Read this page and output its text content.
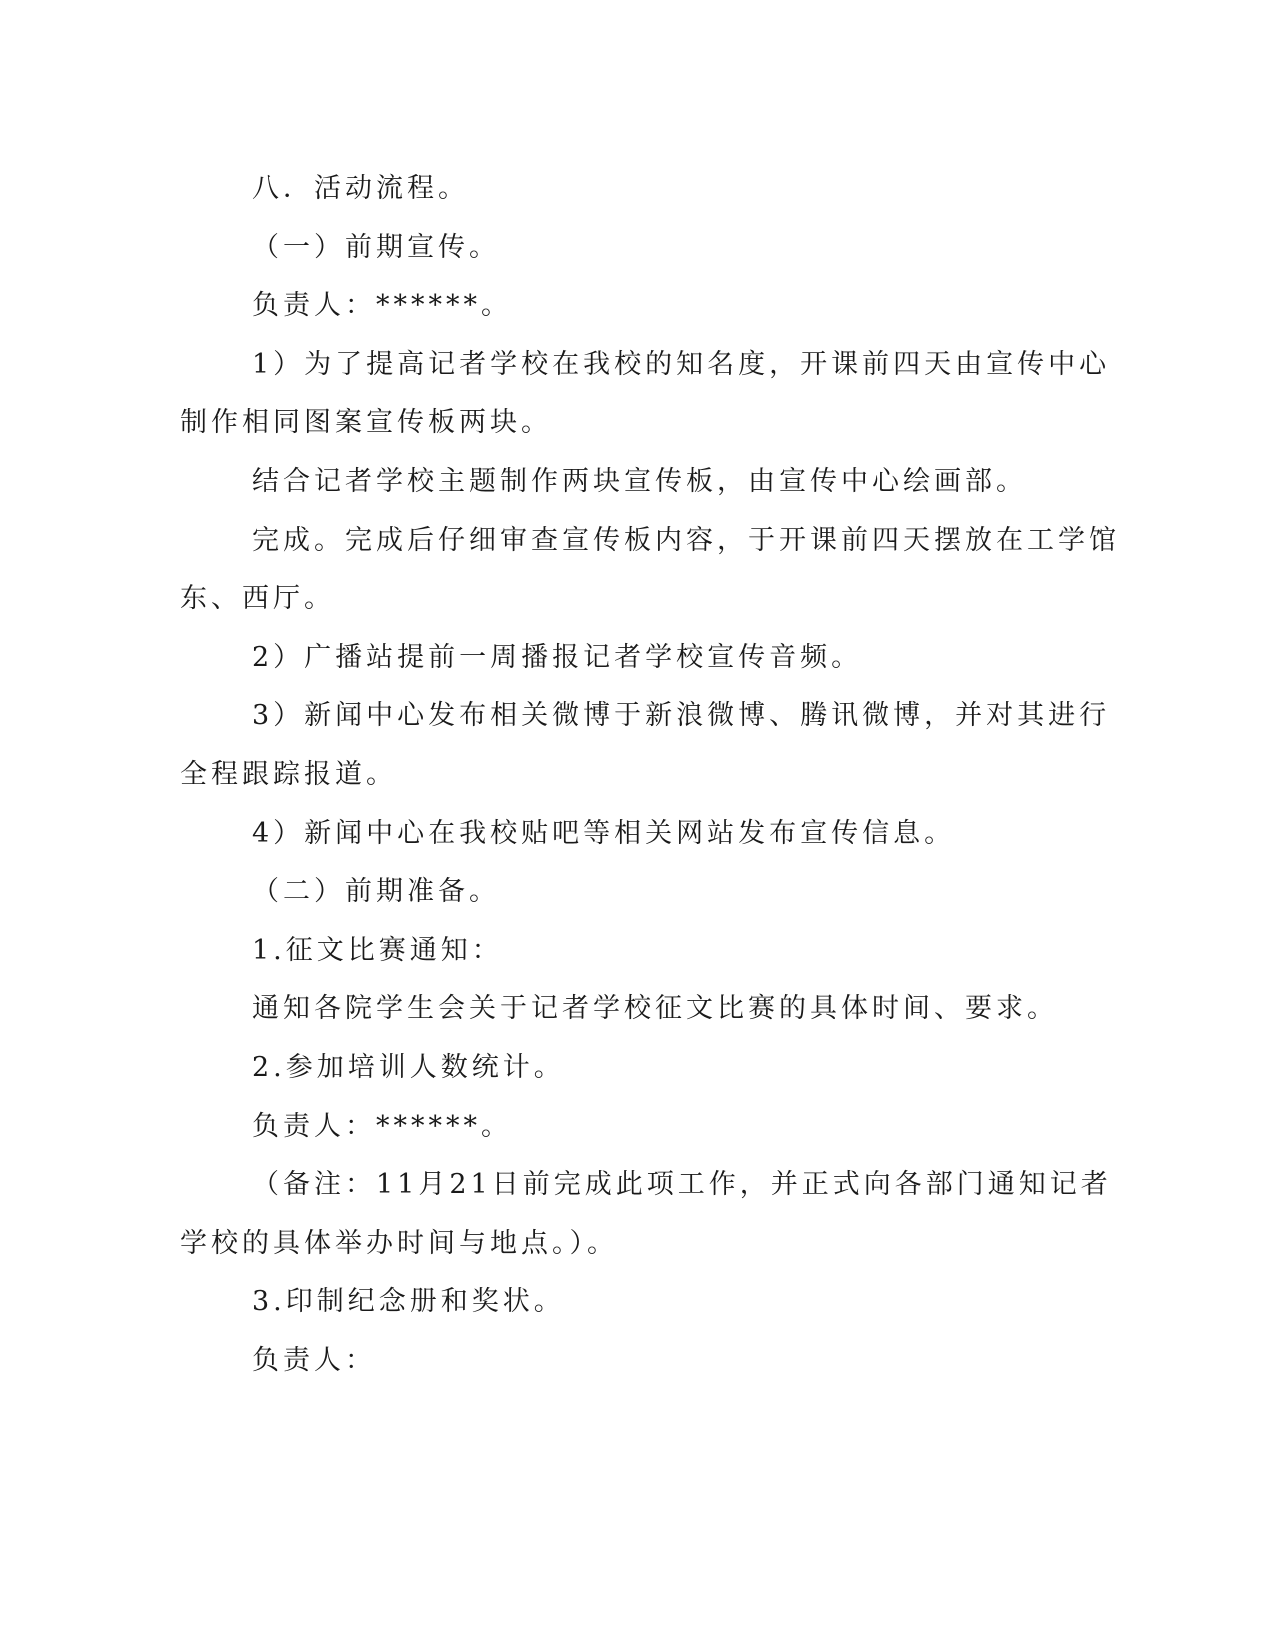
八．活动流程。
（一）前期宣传。
负责人：******。
1）为了提高记者学校在我校的知名度，开课前四天由宣传中心
制作相同图案宣传板两块。
结合记者学校主题制作两块宣传板，由宣传中心绘画部。
完成。完成后仔细审查宣传板内容，于开课前四天摆放在工学馆
东、西厅。
2）广播站提前一周播报记者学校宣传音频。
3）新闻中心发布相关微博于新浪微博、腾讯微博，并对其进行
全程跟踪报道。
4）新闻中心在我校贴吧等相关网站发布宣传信息。
（二）前期准备。
1.征文比赛通知：
通知各院学生会关于记者学校征文比赛的具体时间、要求。
2.参加培训人数统计。
负责人：******。
（备注：11月21日前完成此项工作，并正式向各部门通知记者
学校的具体举办时间与地点。）。
3.印制纪念册和奖状。
负责人：
